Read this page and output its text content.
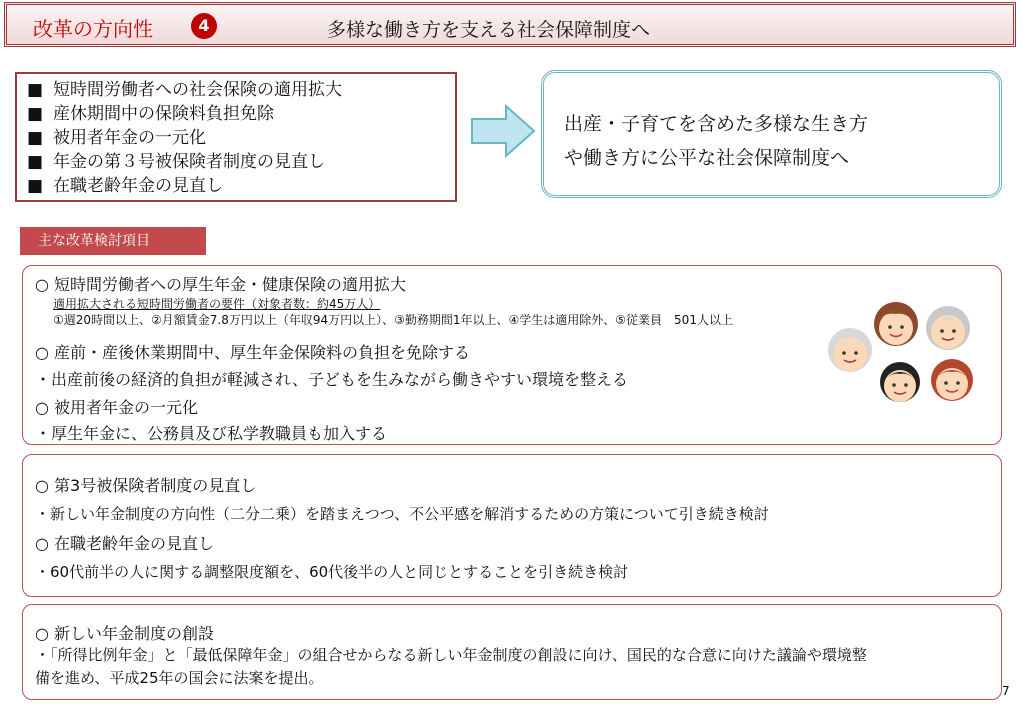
改革の方向性	4	多様な働き方を支える社会保障制度へ
■ 短時間労働者への社会保険の適用拡大
■ 産休期間中の保険料負担免除
■ 被用者年金の一元化
■ 年金の第３号被保険者制度の見直し
■ 在職老齢年金の見直し
出産・子育てを含めた多様な生き方
や働き方に公平な社会保障制度へ
主な改革検討項目
○ 短時間労働者への厚生年金・健康保険の適用拡大
適用拡大される短時間労働者の要件（対象者数：約45万人）
①週20時間以上、②月額賃金7.8万円以上（年収94万円以上）、③勤務期間1年以上、④学生は適用除外、⑤従業員　501人以上
○ 産前・産後休業期間中、厚生年金保険料の負担を免除する
・出産前後の経済的負担が軽減され、子どもを生みながら働きやすい環境を整える
○ 被用者年金の一元化
・厚生年金に、公務員及び私学教職員も加入する
○ 第3号被保険者制度の見直し
・新しい年金制度の方向性（二分二乗）を踏まえつつ、不公平感を解消するための方策について引き続き検討
○ 在職老齢年金の見直し
・60代前半の人に関する調整限度額を、60代後半の人と同じとすることを引き続き検討
○ 新しい年金制度の創設
・「所得比例年金」と「最低保障年金」の組合せからなる新しい年金制度の創設に向け、国民的な合意に向けた議論や環境整
備を進め、平成25年の国会に法案を提出。
7
